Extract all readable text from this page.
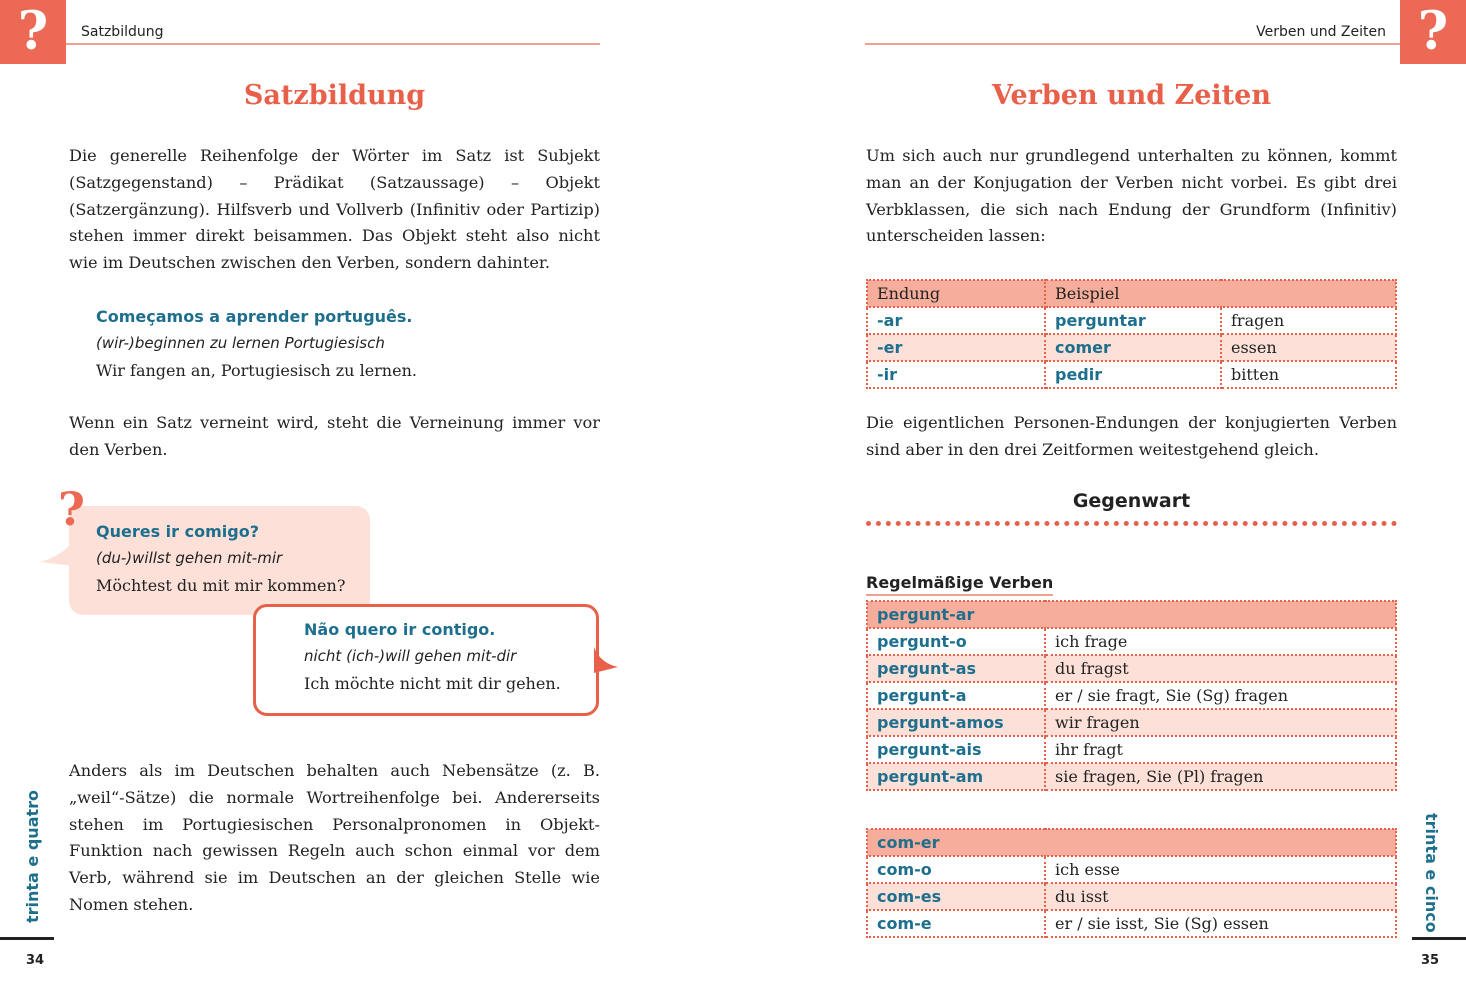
?	Satzbildung
Satzbildung
Die generelle Reihenfolge der Wörter im Satz ist Subjekt (Satzgegenstand) – Prädikat (Satzaussage) – Objekt (Satzergänzung). Hilfsverb und Vollverb (Infinitiv oder Partizip) stehen immer direkt beisammen. Das Objekt steht also nicht wie im Deutschen zwischen den Verben, sondern dahinter.
Começamos a aprender português.
(wir-)beginnen zu lernen Portugiesisch
Wir fangen an, Portugiesisch zu lernen.
Wenn ein Satz verneint wird, steht die Verneinung immer vor den Verben.
? Queres ir comigo?
(du-)willst gehen mit-mir
Möchtest du mit mir kommen?
Não quero ir contigo.
nicht (ich-)will gehen mit-dir
Ich möchte nicht mit dir gehen.
Anders als im Deutschen behalten auch Nebensätze (z. B. „weil“-Sätze) die normale Wortreihenfolge bei. Andererseits stehen im Portugiesischen Personalpronomen in Objekt-Funktion nach gewissen Regeln auch schon einmal vor dem Verb, während sie im Deutschen an der gleichen Stelle wie Nomen stehen.
trinta e quatro
34
?
Verben und Zeiten
Verben und Zeiten
Um sich auch nur grundlegend unterhalten zu können, kommt man an der Konjugation der Verben nicht vorbei. Es gibt drei Verbklassen, die sich nach Endung der Grundform (Infinitiv) unterscheiden lassen:
Endung	Beispiel	
-ar	perguntar	fragen
-er	comer	essen
-ir	pedir	bitten
Die eigentlichen Personen-Endungen der konjugierten Verben sind aber in den drei Zeitformen weitestgehend gleich.
Gegenwart
Regelmäßige Verben
pergunt-ar	
pergunt-o	ich frage
pergunt-as	du fragst
pergunt-a	er / sie fragt, Sie (Sg) fragen
pergunt-amos	wir fragen
pergunt-ais	ihr fragt
pergunt-am	sie fragen, Sie (Pl) fragen
com-er	
com-o	ich esse
com-es	du isst
com-e	er / sie isst, Sie (Sg) essen	trinta e cinco
35
